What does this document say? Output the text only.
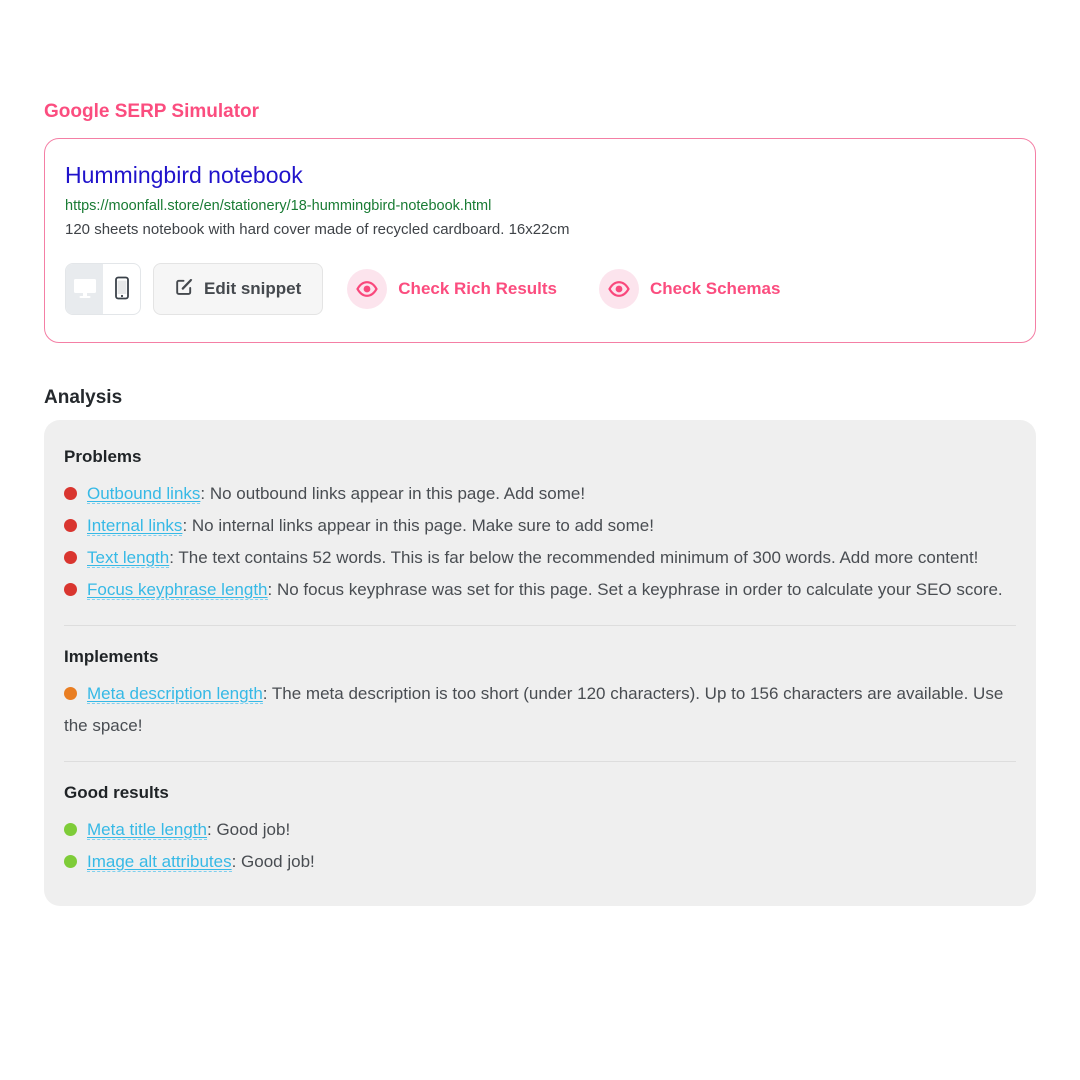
Google SERP Simulator
Hummingbird notebook
https://moonfall.store/en/stationery/18-hummingbird-notebook.html
120 sheets notebook with hard cover made of recycled cardboard. 16x22cm
Edit snippet	Check Rich Results	Check Schemas
Analysis
Problems

Outbound links: No outbound links appear in this page. Add some!

Internal links: No internal links appear in this page. Make sure to add some!

Text length: The text contains 52 words. This is far below the recommended minimum of 300 words. Add more content!

Focus keyphrase length: No focus keyphrase was set for this page. Set a keyphrase in order to calculate your SEO score.

Implements

Meta description length: The meta description is too short (under 120 characters). Up to 156 characters are available. Use the space!

Good results

Meta title length: Good job!

Image alt attributes: Good job!
